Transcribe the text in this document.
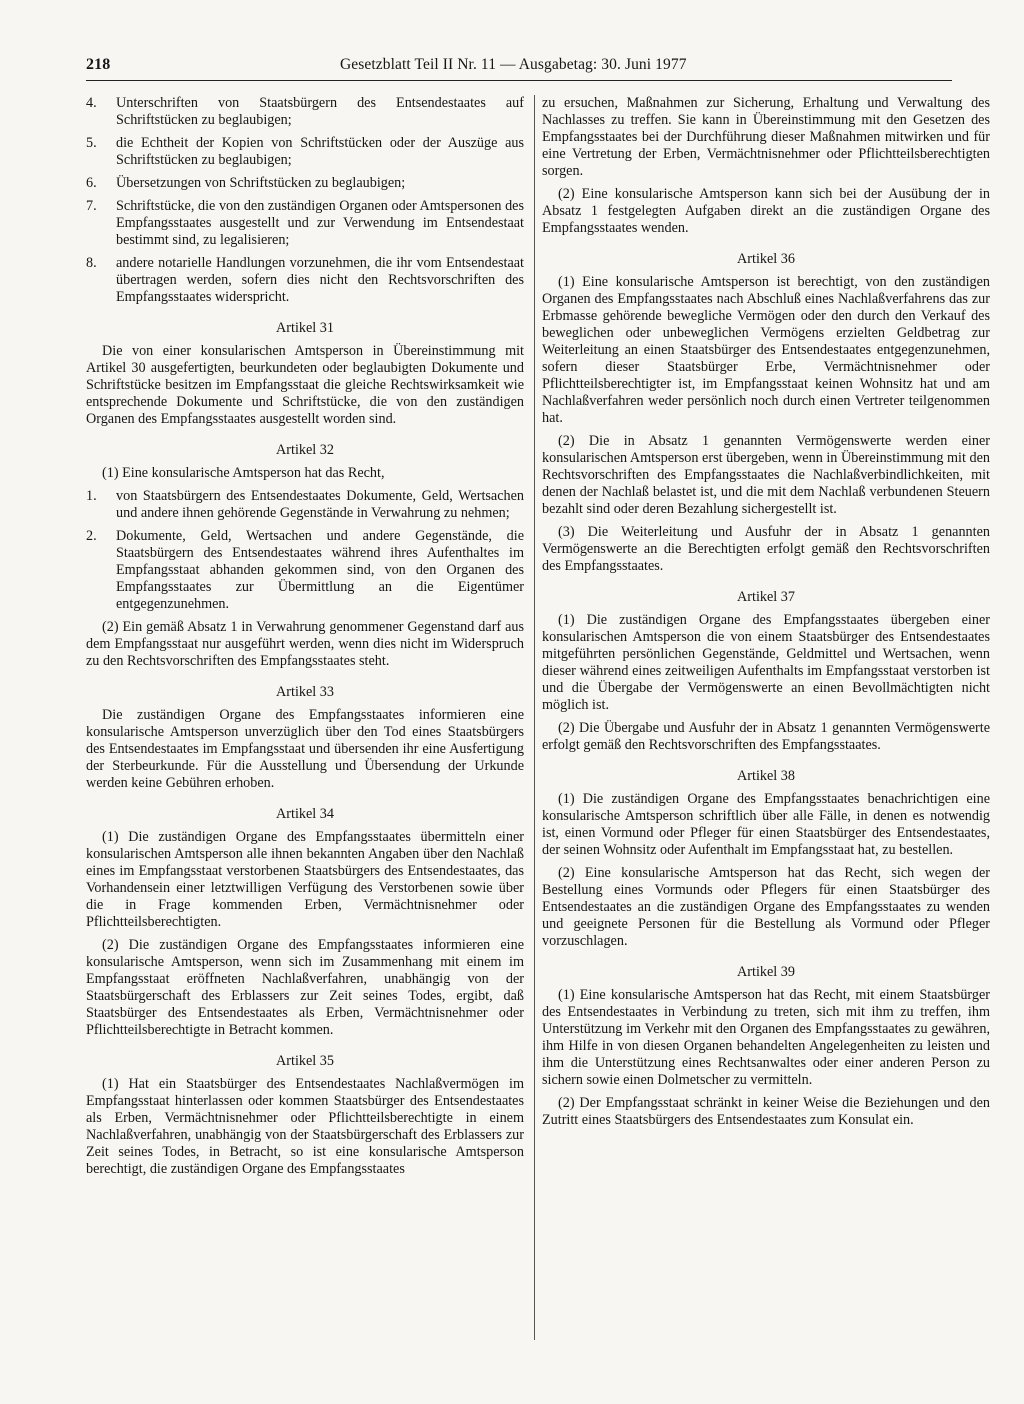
218	Gesetzblatt Teil II Nr. 11 — Ausgabetag: 30. Juni 1977
4.	Unterschriften von Staatsbürgern des Entsendestaates auf Schriftstücken zu beglaubigen;
5.	die Echtheit der Kopien von Schriftstücken oder der Auszüge aus Schriftstücken zu beglaubigen;
6.	Übersetzungen von Schriftstücken zu beglaubigen;
7.	Schriftstücke, die von den zuständigen Organen oder Amtspersonen des Empfangsstaates ausgestellt und zur Verwendung im Entsendestaat bestimmt sind, zu legalisieren;
8.	andere notarielle Handlungen vorzunehmen, die ihr vom Entsendestaat übertragen werden, sofern dies nicht den Rechtsvorschriften des Empfangsstaates widerspricht.
Artikel 31

Die von einer konsularischen Amtsperson in Übereinstimmung mit Artikel 30 ausgefertigten, beurkundeten oder beglaubigten Dokumente und Schriftstücke besitzen im Empfangsstaat die gleiche Rechtswirksamkeit wie entsprechende Dokumente und Schriftstücke, die von den zuständigen Organen des Empfangsstaates ausgestellt worden sind.

Artikel 32

(1) Eine konsularische Amtsperson hat das Recht,

1.	von Staatsbürgern des Entsendestaates Dokumente, Geld, Wertsachen und andere ihnen gehörende Gegenstände in Verwahrung zu nehmen;
2.	Dokumente, Geld, Wertsachen und andere Gegenstände, die Staatsbürgern des Entsendestaates während ihres Aufenthaltes im Empfangsstaat abhanden gekommen sind, von den Organen des Empfangsstaates zur Übermittlung an die Eigentümer entgegenzunehmen.

(2) Ein gemäß Absatz 1 in Verwahrung genommener Gegenstand darf aus dem Empfangsstaat nur ausgeführt werden, wenn dies nicht im Widerspruch zu den Rechtsvorschriften des Empfangsstaates steht.

Artikel 33

Die zuständigen Organe des Empfangsstaates informieren eine konsularische Amtsperson unverzüglich über den Tod eines Staatsbürgers des Entsendestaates im Empfangsstaat und übersenden ihr eine Ausfertigung der Sterbeurkunde. Für die Ausstellung und Übersendung der Urkunde werden keine Gebühren erhoben.

Artikel 34

(1) Die zuständigen Organe des Empfangsstaates übermitteln einer konsularischen Amtsperson alle ihnen bekannten Angaben über den Nachlaß eines im Empfangsstaat verstorbenen Staatsbürgers des Entsendestaates, das Vorhandensein einer letztwilligen Verfügung des Verstorbenen sowie über die in Frage kommenden Erben, Vermächtnisnehmer oder Pflichtteilsberechtigten.

(2) Die zuständigen Organe des Empfangsstaates informieren eine konsularische Amtsperson, wenn sich im Zusammenhang mit einem im Empfangsstaat eröffneten Nachlaßverfahren, unabhängig von der Staatsbürgerschaft des Erblassers zur Zeit seines Todes, ergibt, daß Staatsbürger des Entsendestaates als Erben, Vermächtnisnehmer oder Pflichtteilsberechtigte in Betracht kommen.

Artikel 35

(1) Hat ein Staatsbürger des Entsendestaates Nachlaßvermögen im Empfangsstaat hinterlassen oder kommen Staatsbürger des Entsendestaates als Erben, Vermächtnisnehmer oder Pflichtteilsberechtigte in einem Nachlaßverfahren, unabhängig von der Staatsbürgerschaft des Erblassers zur Zeit seines Todes, in Betracht, so ist eine konsularische Amtsperson berechtigt, die zuständigen Organe des Empfangsstaates

zu ersuchen, Maßnahmen zur Sicherung, Erhaltung und Verwaltung des Nachlasses zu treffen. Sie kann in Übereinstimmung mit den Gesetzen des Empfangsstaates bei der Durchführung dieser Maßnahmen mitwirken und für eine Vertretung der Erben, Vermächtnisnehmer oder Pflichtteilsberechtigten sorgen.

(2) Eine konsularische Amtsperson kann sich bei der Ausübung der in Absatz 1 festgelegten Aufgaben direkt an die zuständigen Organe des Empfangsstaates wenden.

Artikel 36

(1) Eine konsularische Amtsperson ist berechtigt, von den zuständigen Organen des Empfangsstaates nach Abschluß eines Nachlaßverfahrens das zur Erbmasse gehörende bewegliche Vermögen oder den durch den Verkauf des beweglichen oder unbeweglichen Vermögens erzielten Geldbetrag zur Weiterleitung an einen Staatsbürger des Entsendestaates entgegenzunehmen, sofern dieser Staatsbürger Erbe, Vermächtnisnehmer oder Pflichtteilsberechtigter ist, im Empfangsstaat keinen Wohnsitz hat und am Nachlaßverfahren weder persönlich noch durch einen Vertreter teilgenommen hat.

(2) Die in Absatz 1 genannten Vermögenswerte werden einer konsularischen Amtsperson erst übergeben, wenn in Übereinstimmung mit den Rechtsvorschriften des Empfangsstaates die Nachlaßverbindlichkeiten, mit denen der Nachlaß belastet ist, und die mit dem Nachlaß verbundenen Steuern bezahlt sind oder deren Bezahlung sichergestellt ist.

(3) Die Weiterleitung und Ausfuhr der in Absatz 1 genannten Vermögenswerte an die Berechtigten erfolgt gemäß den Rechtsvorschriften des Empfangsstaates.

Artikel 37

(1) Die zuständigen Organe des Empfangsstaates übergeben einer konsularischen Amtsperson die von einem Staatsbürger des Entsendestaates mitgeführten persönlichen Gegenstände, Geldmittel und Wertsachen, wenn dieser während eines zeitweiligen Aufenthalts im Empfangsstaat verstorben ist und die Übergabe der Vermögenswerte an einen Bevollmächtigten nicht möglich ist.

(2) Die Übergabe und Ausfuhr der in Absatz 1 genannten Vermögenswerte erfolgt gemäß den Rechtsvorschriften des Empfangsstaates.

Artikel 38

(1) Die zuständigen Organe des Empfangsstaates benachrichtigen eine konsularische Amtsperson schriftlich über alle Fälle, in denen es notwendig ist, einen Vormund oder Pfleger für einen Staatsbürger des Entsendestaates, der seinen Wohnsitz oder Aufenthalt im Empfangsstaat hat, zu bestellen.

(2) Eine konsularische Amtsperson hat das Recht, sich wegen der Bestellung eines Vormunds oder Pflegers für einen Staatsbürger des Entsendestaates an die zuständigen Organe des Empfangsstaates zu wenden und geeignete Personen für die Bestellung als Vormund oder Pfleger vorzuschlagen.

Artikel 39

(1) Eine konsularische Amtsperson hat das Recht, mit einem Staatsbürger des Entsendestaates in Verbindung zu treten, sich mit ihm zu treffen, ihm Unterstützung im Verkehr mit den Organen des Empfangsstaates zu gewähren, ihm Hilfe in von diesen Organen behandelten Angelegenheiten zu leisten und ihm die Unterstützung eines Rechtsanwaltes oder einer anderen Person zu sichern sowie einen Dolmetscher zu vermitteln.

(2) Der Empfangsstaat schränkt in keiner Weise die Beziehungen und den Zutritt eines Staatsbürgers des Entsendestaates zum Konsulat ein.
